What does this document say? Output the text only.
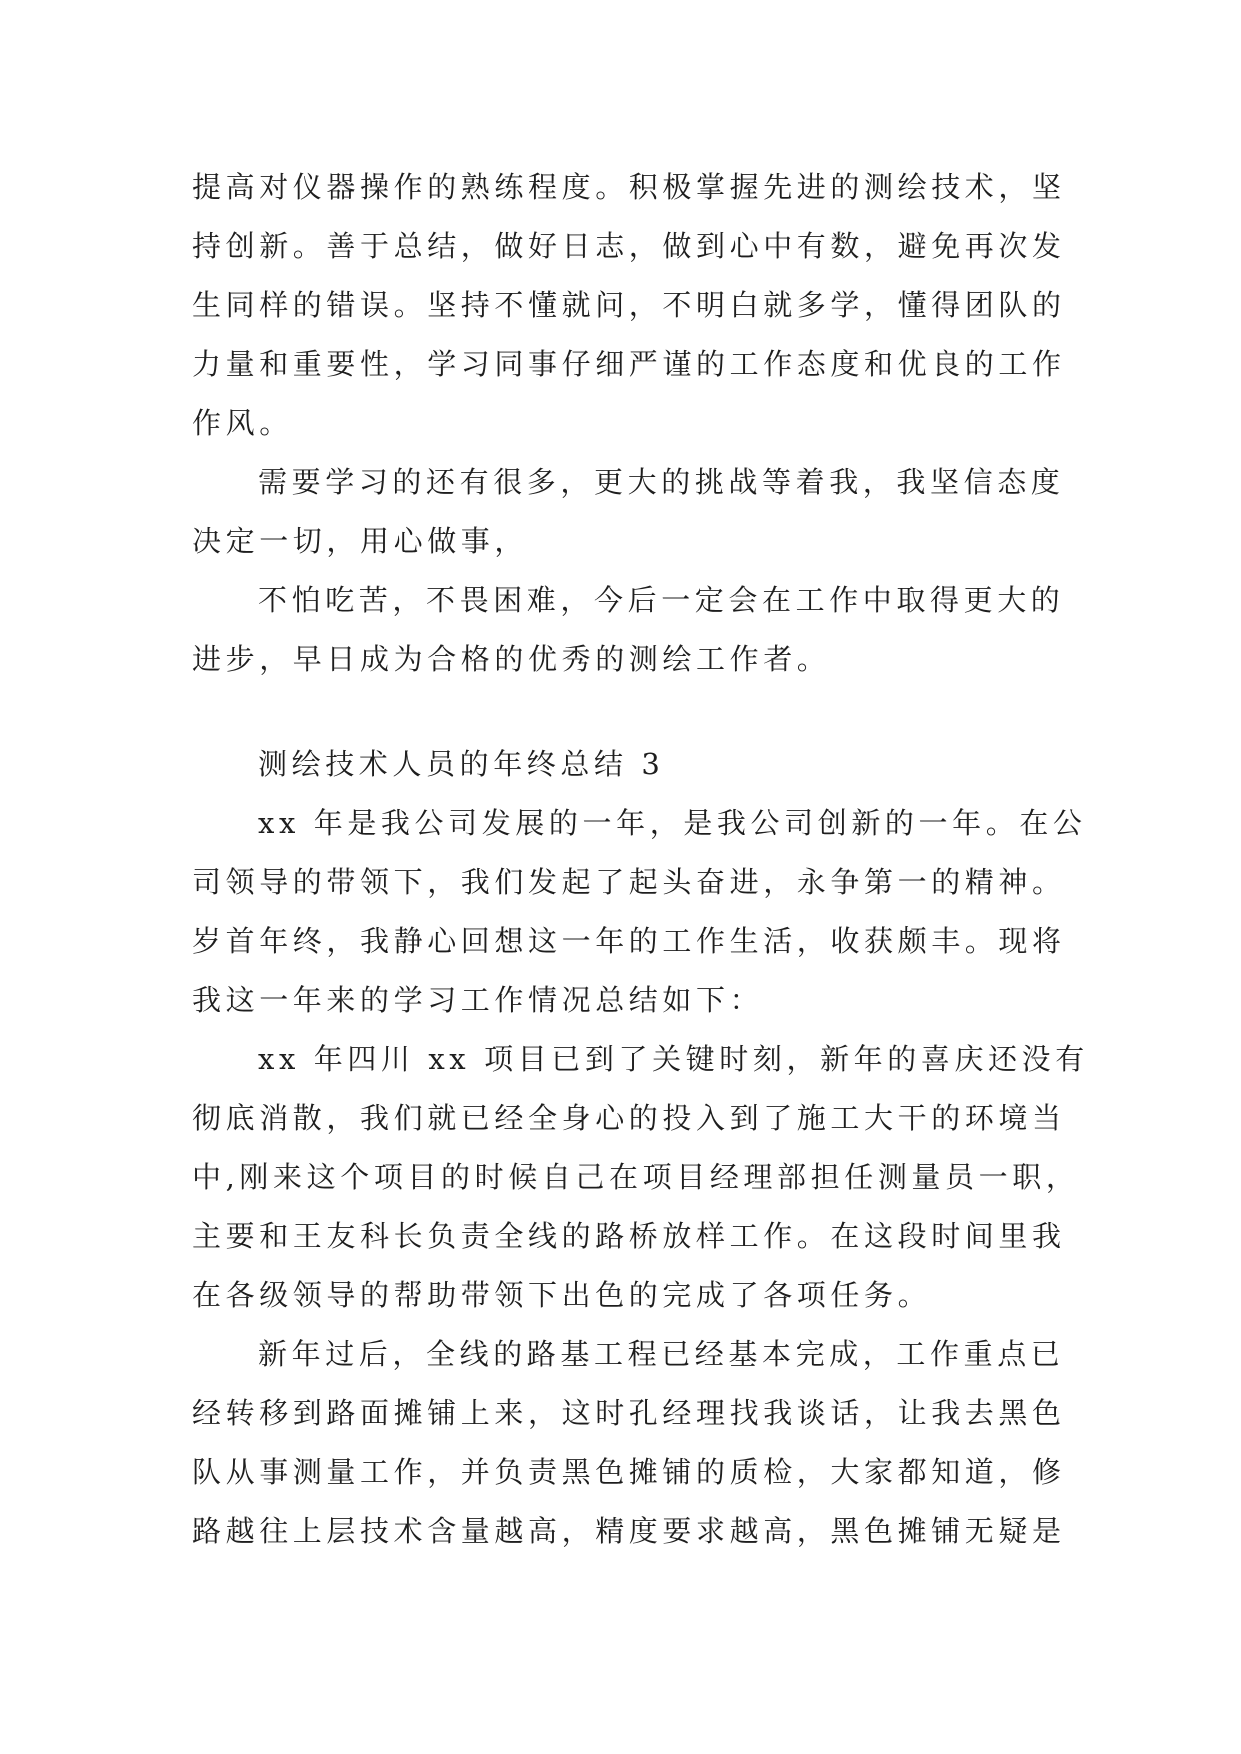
提高对仪器操作的熟练程度。积极掌握先进的测绘技术，坚
持创新。善于总结，做好日志，做到心中有数，避免再次发
生同样的错误。坚持不懂就问，不明白就多学，懂得团队的
力量和重要性，学习同事仔细严谨的工作态度和优良的工作
作风。
需要学习的还有很多，更大的挑战等着我，我坚信态度
决定一切，用心做事，
不怕吃苦，不畏困难，今后一定会在工作中取得更大的
进步，早日成为合格的优秀的测绘工作者。
测绘技术人员的年终总结 3
xx 年是我公司发展的一年，是我公司创新的一年。在公
司领导的带领下，我们发起了起头奋进，永争第一的精神。
岁首年终，我静心回想这一年的工作生活，收获颇丰。现将
我这一年来的学习工作情况总结如下：
xx 年四川 xx 项目已到了关键时刻，新年的喜庆还没有
彻底消散，我们就已经全身心的投入到了施工大干的环境当
中,刚来这个项目的时候自己在项目经理部担任测量员一职，
主要和王友科长负责全线的路桥放样工作。在这段时间里我
在各级领导的帮助带领下出色的完成了各项任务。
新年过后，全线的路基工程已经基本完成，工作重点已
经转移到路面摊铺上来，这时孔经理找我谈话，让我去黑色
队从事测量工作，并负责黑色摊铺的质检，大家都知道，修
路越往上层技术含量越高，精度要求越高，黑色摊铺无疑是
